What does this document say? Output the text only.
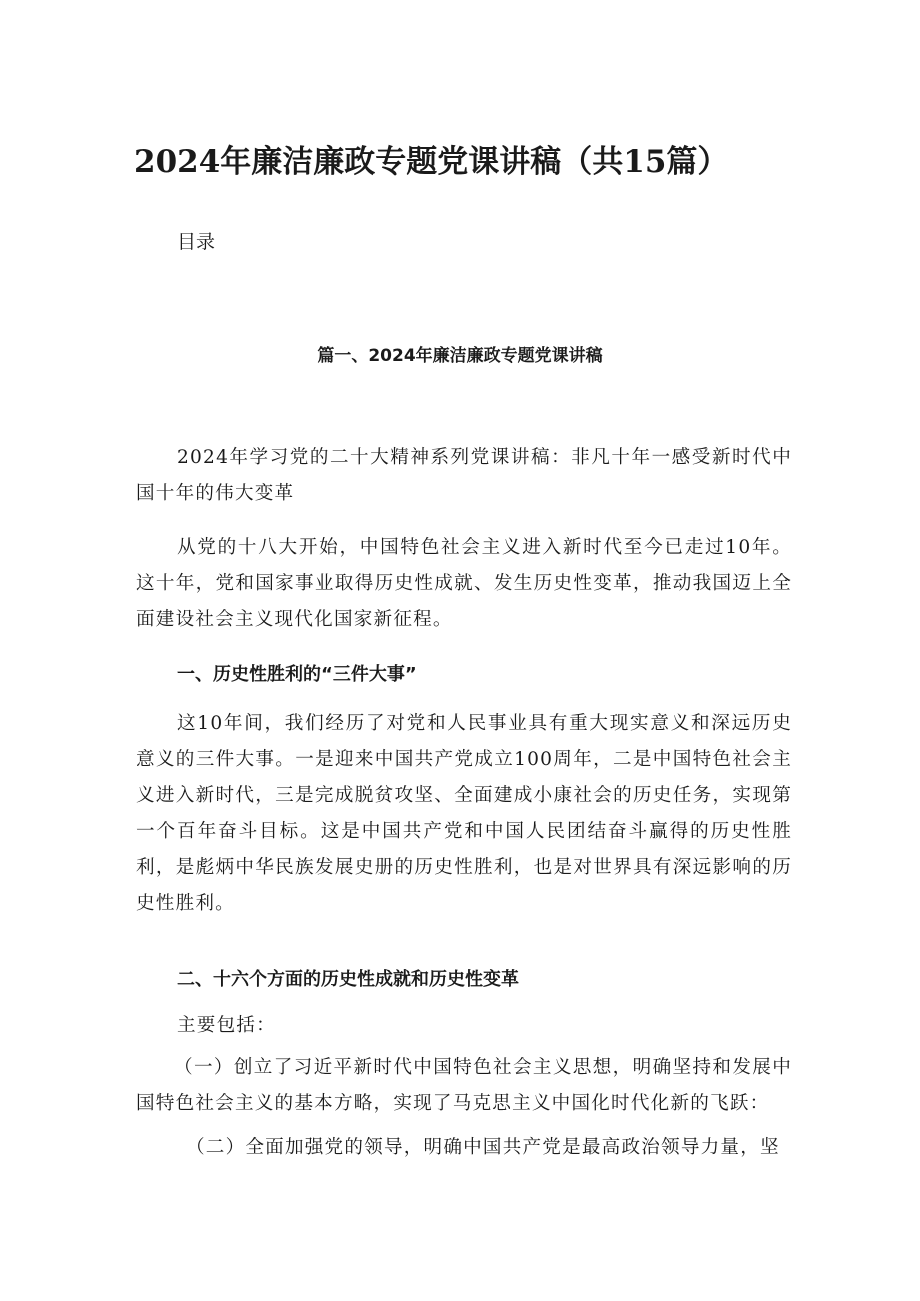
2024年廉洁廉政专题党课讲稿（共15篇）
目录
篇一、2024年廉洁廉政专题党课讲稿

2024年学习党的二十大精神系列党课讲稿：非凡十年一感受新时代中国十年的伟大变革

从党的十八大开始，中国特色社会主义进入新时代至今已走过10年。这十年，党和国家事业取得历史性成就、发生历史性变革，推动我国迈上全面建设社会主义现代化国家新征程。

一、历史性胜利的“三件大事”

这10年间，我们经历了对党和人民事业具有重大现实意义和深远历史意义的三件大事。一是迎来中国共产党成立100周年，二是中国特色社会主义进入新时代，三是完成脱贫攻坚、全面建成小康社会的历史任务，实现第一个百年奋斗目标。这是中国共产党和中国人民团结奋斗赢得的历史性胜利，是彪炳中华民族发展史册的历史性胜利，也是对世界具有深远影响的历史性胜利。

二、十六个方面的历史性成就和历史性变革

主要包括：

（一）创立了习近平新时代中国特色社会主义思想，明确坚持和发展中国特色社会主义的基本方略，实现了马克思主义中国化时代化新的飞跃：

（二）全面加强党的领导，明确中国共产党是最高政治领导力量，坚
